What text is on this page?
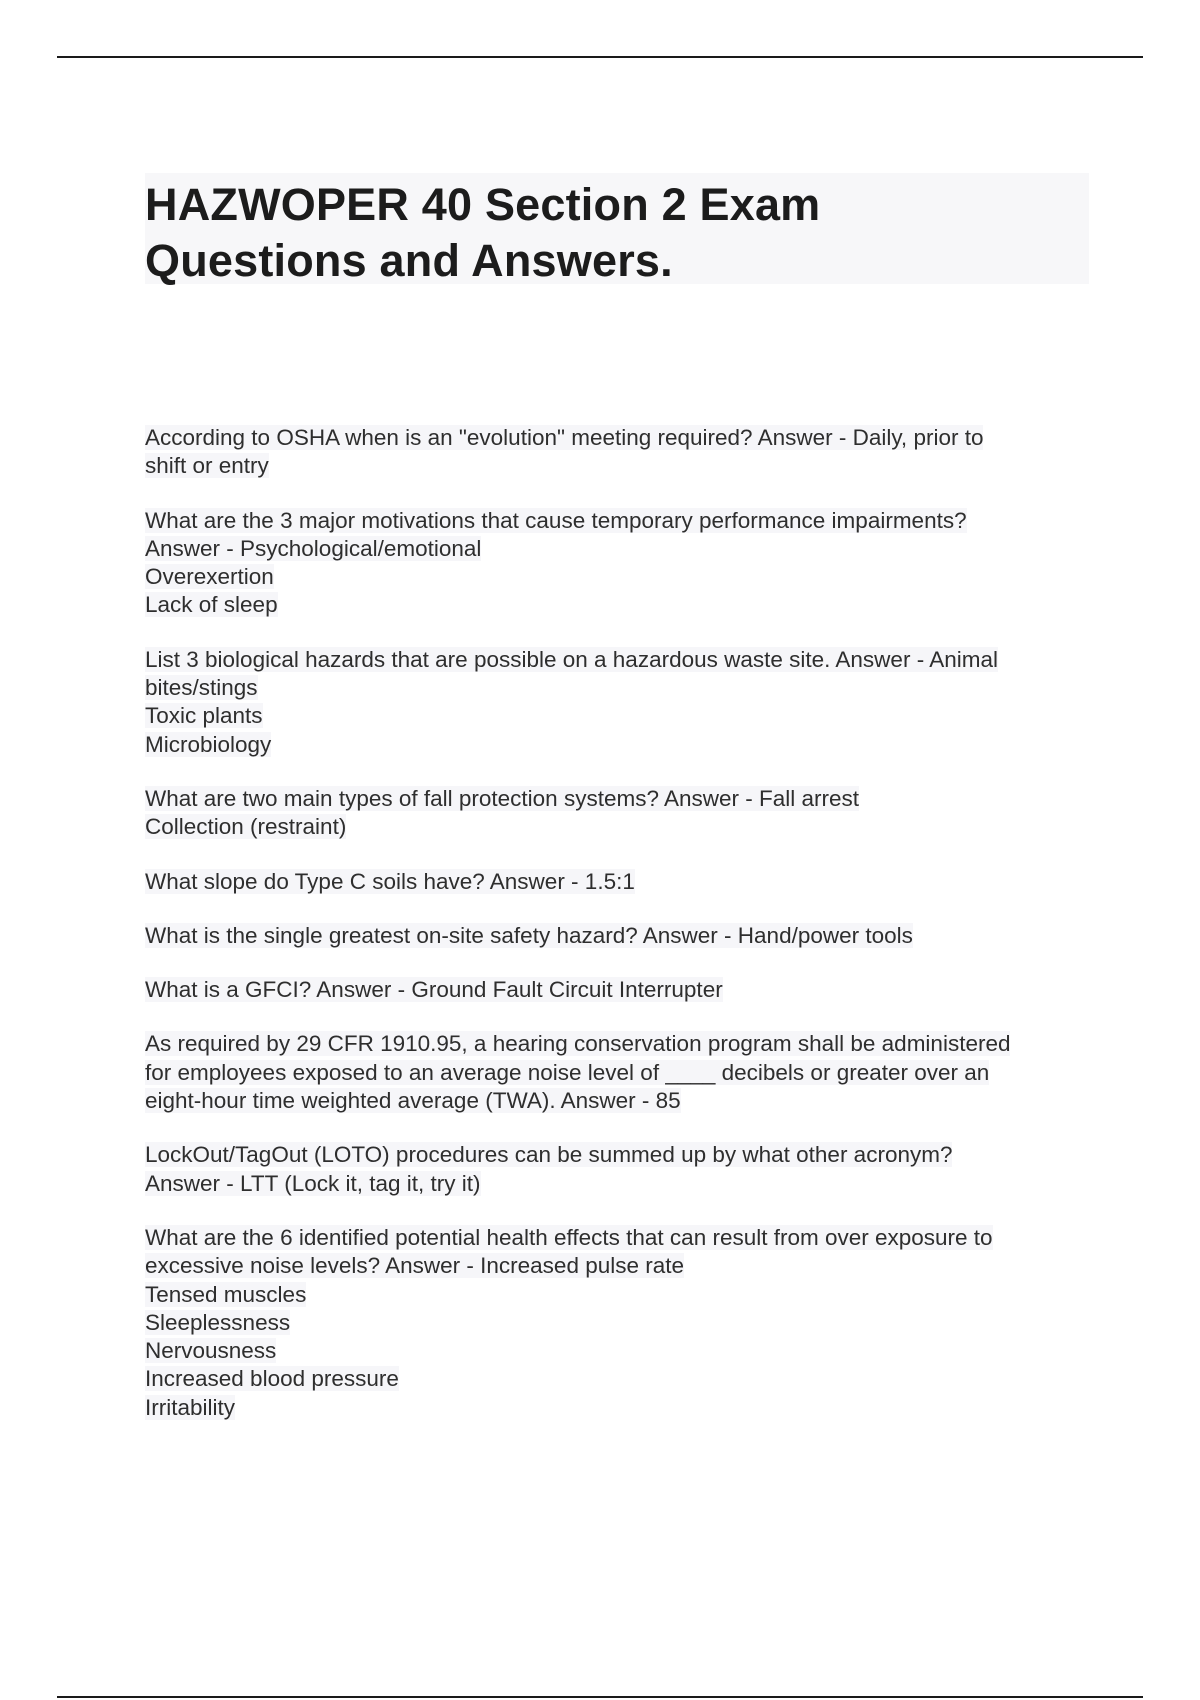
HAZWOPER 40 Section 2 Exam
Questions and Answers.
According to OSHA when is an "evolution" meeting required? Answer - Daily, prior to
shift or entry
What are the 3 major motivations that cause temporary performance impairments?
Answer - Psychological/emotional
Overexertion
Lack of sleep
List 3 biological hazards that are possible on a hazardous waste site. Answer - Animal
bites/stings
Toxic plants
Microbiology
What are two main types of fall protection systems? Answer - Fall arrest
Collection (restraint)
What slope do Type C soils have? Answer - 1.5:1
What is the single greatest on-site safety hazard? Answer - Hand/power tools
What is a GFCI? Answer - Ground Fault Circuit Interrupter
As required by 29 CFR 1910.95, a hearing conservation program shall be administered
for employees exposed to an average noise level of ____ decibels or greater over an
eight-hour time weighted average (TWA). Answer - 85
LockOut/TagOut (LOTO) procedures can be summed up by what other acronym?
Answer - LTT (Lock it, tag it, try it)
What are the 6 identified potential health effects that can result from over exposure to
excessive noise levels? Answer - Increased pulse rate
Tensed muscles
Sleeplessness
Nervousness
Increased blood pressure
Irritability
